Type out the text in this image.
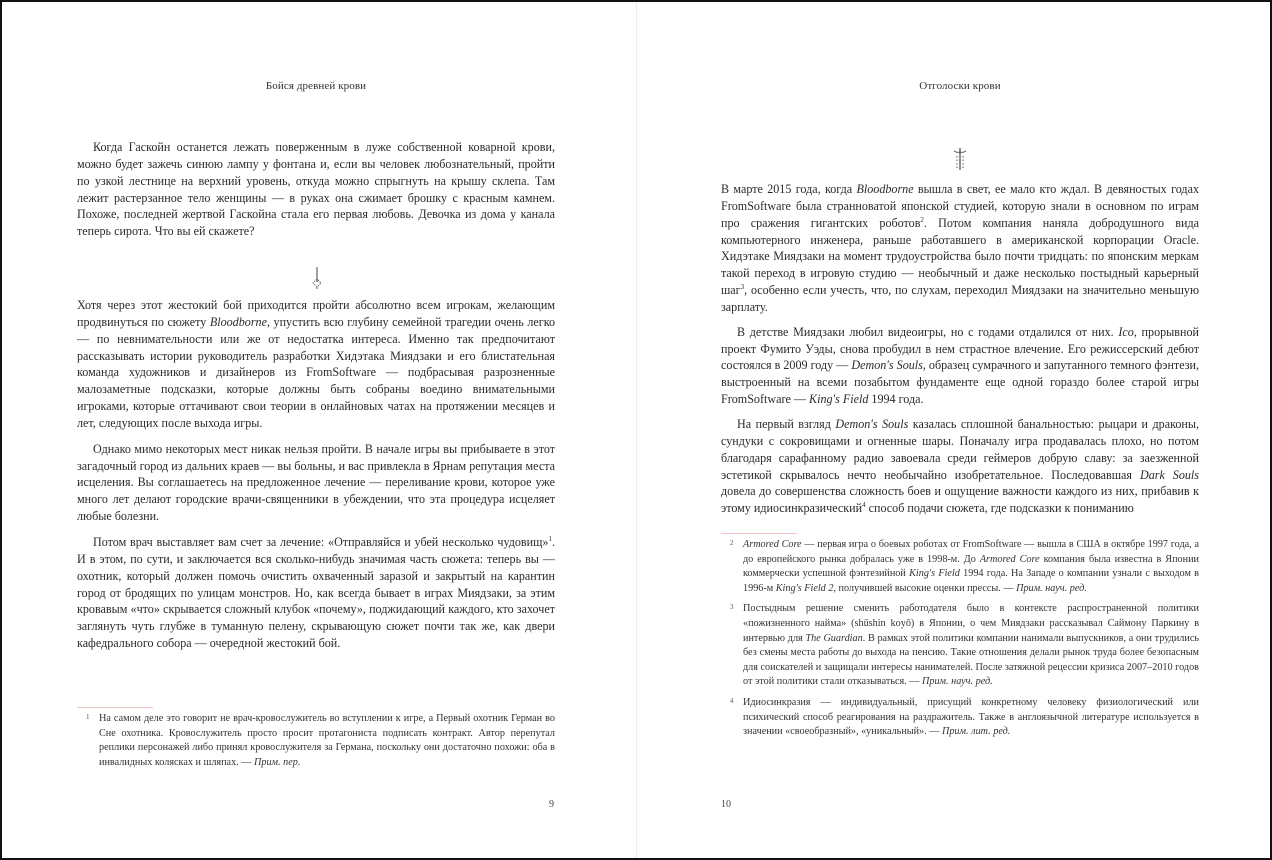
Бойся древней крови

Когда Гаскойн останется лежать поверженным в луже собственной коварной крови, можно будет зажечь синюю лампу у фонтана и, если вы человек любознательный, пройти по узкой лестнице на верхний уровень, откуда можно спрыгнуть на крышу склепа. Там лежит растерзанное тело женщины — в руках она сжимает брошку с красным камнем. Похоже, последней жертвой Гаскойна стала его первая любовь. Девочка из дома у канала теперь сирота. Что вы ей скажете?

Хотя через этот жестокий бой приходится пройти абсолютно всем игрокам, желающим продвинуться по сюжету Bloodborne, упустить всю глубину семейной трагедии очень легко — по невнимательности или же от недостатка интереса. Именно так предпочитают рассказывать истории руководитель разработки Хидэтака Миядзаки и его блистательная команда художников и дизайнеров из FromSoftware — подбрасывая разрозненные малозаметные подсказки, которые должны быть собраны воедино внимательными игроками, которые оттачивают свои теории в онлайновых чатах на протяжении месяцев и лет, следующих после выхода игры.

Однако мимо некоторых мест никак нельзя пройти. В начале игры вы прибываете в этот загадочный город из дальних краев — вы больны, и вас привлекла в Ярнам репутация места исцеления. Вы соглашаетесь на предложенное лечение — переливание крови, которое уже много лет делают городские врачи-священники в убеждении, что эта процедура исцеляет любые болезни.

Потом врач выставляет вам счет за лечение: «Отправляйся и убей несколько чудовищ»$^1$. И в этом, по сути, и заключается вся сколько-нибудь значимая часть сюжета: теперь вы — охотник, который должен помочь очистить охваченный заразой и закрытый на карантин город от бродящих по улицам монстров. Но, как всегда бывает в играх Миядзаки, за этим кровавым «что» скрывается сложный клубок «почему», поджидающий каждого, кто захочет заглянуть чуть глубже в туманную пелену, скрывающую сюжет почти так же, как двери кафедрального собора — очередной жестокий бой.

1 На самом деле это говорит не врач-кровослужитель во вступлении к игре, а Первый охотник Герман во Сне охотника. Кровослужитель просто просит протагониста подписать контракт. Автор перепутал реплики персонажей либо принял кровослужителя за Германа, поскольку они достаточно похожи: оба в инвалидных колясках и шляпах. — Прим. пер.
9
Отголоски крови

В марте 2015 года, когда Bloodborne вышла в свет, ее мало кто ждал. В девяностых годах FromSoftware была странноватой японской студией, которую знали в основном по играм про сражения гигантских роботов$^2$. Потом компания наняла добродушного вида компьютерного инженера, раньше работавшего в американской корпорации Oracle. Хидэтаке Миядзаки на момент трудоустройства было почти тридцать: по японским меркам такой переход в игровую студию — необычный и даже несколько постыдный карьерный шаг$^3$, особенно если учесть, что, по слухам, переходил Миядзаки на значительно меньшую зарплату.

В детстве Миядзаки любил видеоигры, но с годами отдалился от них. Ico, прорывной проект Фумито Уэды, снова пробудил в нем страстное влечение. Его режиссерский дебют состоялся в 2009 году — Demon's Souls, образец сумрачного и запутанного темного фэнтези, выстроенный на всеми позабытом фундаменте еще одной гораздо более старой игры FromSoftware — King's Field 1994 года.

На первый взгляд Demon's Souls казалась сплошной банальностью: рыцари и драконы, сундуки с сокровищами и огненные шары. Поначалу игра продавалась плохо, но потом благодаря сарафанному радио завоевала среди геймеров добрую славу: за заезженной эстетикой скрывалось нечто необычайно изобретательное. Последовавшая Dark Souls довела до совершенства сложность боев и ощущение важности каждого из них, прибавив к этому идиосинкразический$^4$ способ подачи сюжета, где подсказки к пониманию

2 Armored Core — первая игра о боевых роботах от FromSoftware — вышла в США в октябре 1997 года, а до европейского рынка добралась уже в 1998-м. До Armored Core компания была известна в Японии коммерчески успешной фэнтезийной King's Field 1994 года. На Западе о компании узнали с выходом в 1996-м King's Field 2, получившей высокие оценки прессы. — Прим. науч. ред.
3 Постыдным решение сменить работодателя было в контексте распространенной политики «пожизненного найма» (shūshin koyō) в Японии, о чем Миядзаки рассказывал Саймону Паркину в интервью для The Guardian. В рамках этой политики компании нанимали выпускников, а они трудились без смены места работы до выхода на пенсию. Такие отношения делали рынок труда более безопасным для соискателей и защищали интересы нанимателей. После затяжной рецессии кризиса 2007–2010 годов от этой политики стали отказываться. — Прим. науч. ред.
4 Идиосинкразия — индивидуальный, присущий конкретному человеку физиологический или психический способ реагирования на раздражитель. Также в англоязычной литературе используется в значении «своеобразный», «уникальный». — Прим. лит. ред.
10
